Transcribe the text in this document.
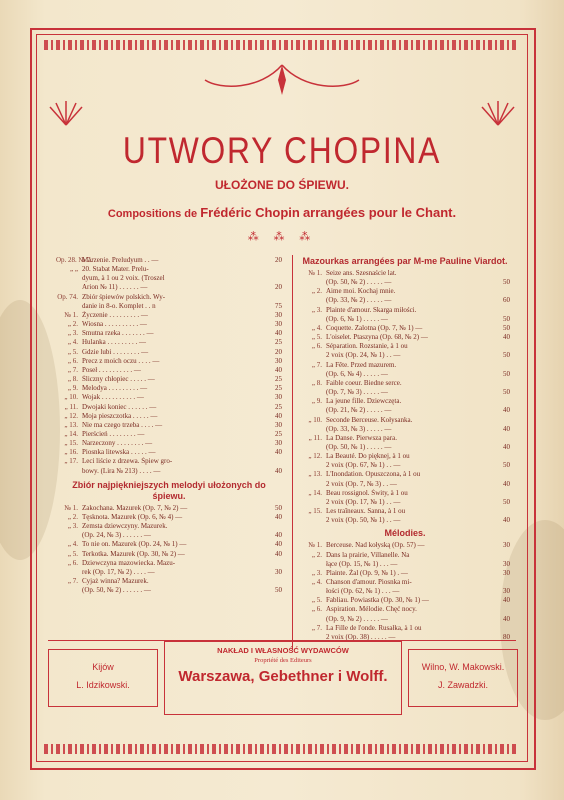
UTWORY CHOPINA
UŁOŻONE DO ŚPIEWU.
Compositions de Frédéric Chopin arrangées pour le Chant.
⁂ ⁂ ⁂
Op. 28. № 7.
Marzenie. Preludyum . . —	20
„ „ 20. Stabat Mater. Prelu-
dyum, à 1 ou 2 voix. (Troszel
Arion № 11) . . . . . . —	20
Op. 74. Zbiór śpiewów polskich. Wy-
danie in 8-o. Komplet . . n	75
№ 1. Życzenie . . . . . . . . . —	30
„ 2. Wiosna . . . . . . . . . . —	30
„ 3. Smutna rzeka . . . . . . . —	40
„ 4. Hulanka . . . . . . . . . —	25
„ 5. Gdzie lubi . . . . . . . . —	20
„ 6. Precz z moich oczu . . . . —	30
„ 7. Poseł . . . . . . . . . . —	40
„ 8. Śliczny chłopiec . . . . . —	25
„ 9. Melodya . . . . . . . . . —	25
„ 10. Wojak . . . . . . . . . . —	30
„ 11. Dwojaki koniec . . . . . . —	25
„ 12. Moja pieszczotka . . . . . —	40
„ 13. Nie ma czego trzeba . . . . —	30
„ 14. Pierścień . . . . . . . . —	25
„ 15. Narzeczony . . . . . . . . —	30
„ 16. Piosnka litewska . . . . . —	40
„ 17. Leci liście z drzewa. Śpiew gro-
bowy. (Lira № 213) . . . . —	40
Zbiór najpiękniejszych melodyi ułożonych do śpiewu.
№ 1. Zakochana. Mazurek (Op. 7, № 2) —	50
„ 2. Tęsknota. Mazurek (Op. 6, № 4) —	40
„ 3. Zemsta dziewczyny. Mazurek.
(Op. 24, № 3) . . . . . . —	40
„ 4. To nie on. Mazurek (Op. 24, № 1) —	40
„ 5. Terkotka. Mazurek (Op. 30, № 2) —	40
„ 6. Dziewczyna mazowiecka. Mazu-
rek (Op. 17, № 2) . . . . —	30
„ 7. Cyjaż winna? Mazurek.
(Op. 50, № 2) . . . . . . —	50
Mazourkas arrangées par M-me Pauline Viardot.
№ 1. Seize ans. Szesnaście lat.
(Op. 50, № 2) . . . . . —	50
„ 2. Aime moi. Kochaj mnie.
(Op. 33, № 2) . . . . . —	60
„ 3. Plainte d'amour. Skarga miłości.
(Op. 6, № 1) . . . . . —	50
„ 4. Coquette. Zalotna (Op. 7, № 1) —	50
„ 5. L'oiselet. Ptaszyna (Op. 68, № 2) —	40
„ 6. Séparation. Rozstanie, à 1 ou
2 voix (Op. 24, № 1) . . —	50
„ 7. La Fête. Przed mazurem.
(Op. 6, № 4) . . . . . —	50
„ 8. Faible coeur. Biedne serce.
(Op. 7, № 3) . . . . . —	50
„ 9. La jeune fille. Dziewczęta.
(Op. 21, № 2) . . . . . —	40
„ 10. Seconde Berceuse. Kołysanka.
(Op. 33, № 3) . . . . . —	40
„ 11. La Danse. Pierwsza para.
(Op. 50, № 1) . . . . . —	40
„ 12. La Beauté. Do pięknej, à 1 ou
2 voix (Op. 67, № 1) . . —	50
„ 13. L'Inondation. Opuszczona, à 1 ou
2 voix (Op. 7, № 3) . . —	40
„ 14. Beau rossignol. Świty, à 1 ou
2 voix (Op. 17, № 1) . . —	50
„ 15. Les traîneaux. Sanna, à 1 ou
2 voix (Op. 50, № 1) . . —	40
Mélodies.
№ 1. Berceuse. Nad kołyską (Op. 57) —	30
„ 2. Dans la prairie, Villanelle. Na
łące (Op. 15, № 1) . . . —	30
„ 3. Plainte. Żal (Op. 9, № 1) . —	30
„ 4. Chanson d'amour. Piosnka mi-
łości (Op. 62, № 1) . . . —	30
„ 5. Fabliau. Powiastka (Op. 30, № 1) —	40
„ 6. Aspiration. Mélodie. Chęć nocy.
(Op. 9, № 2) . . . . . —	40
„ 7. La Fille de l'onde. Rusałka, à 1 ou
2 voix (Op. 38) . . . . . —	80
Kijów
L. Idzikowski.
NAKŁAD I WŁASNOŚĆ WYDAWCÓW
Propriété des Editeurs
Warszawa, Gebethner i Wolff.
Wilno, W. Makowski.
J. Zawadzki.
